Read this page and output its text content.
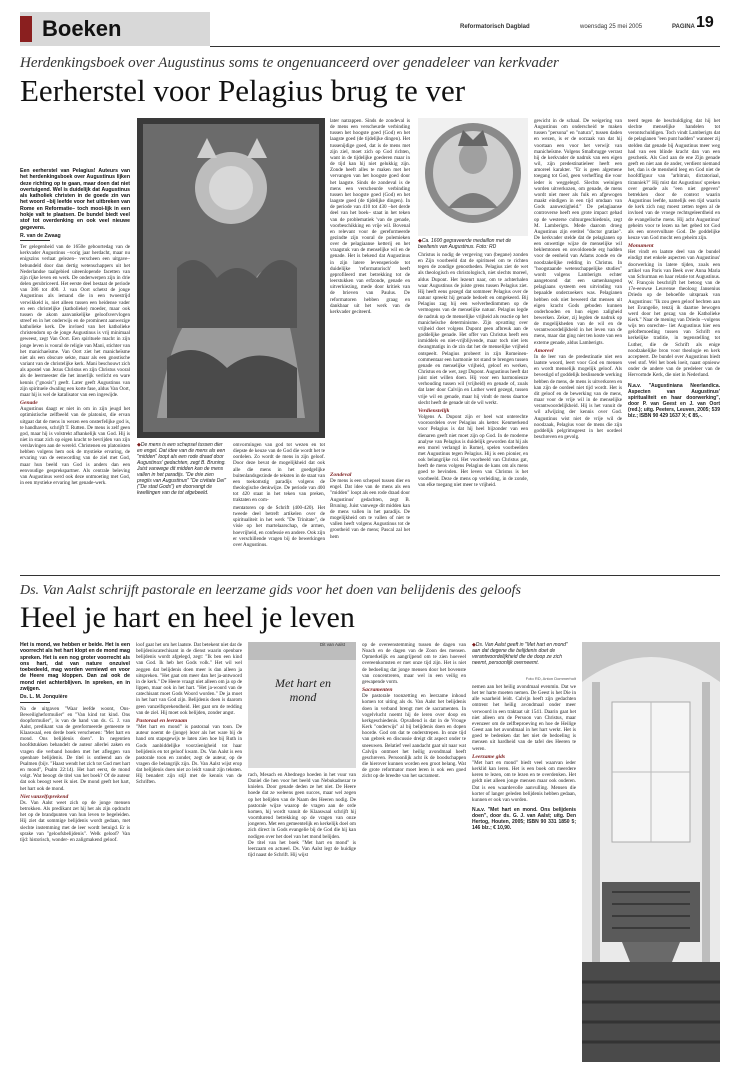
Boeken	Reformatorisch Dagblad	woensdag 25 mei 2005	PAGINA 19
Herdenkingsboek over Augustinus soms te ongenuanceerd over genadeleer van kerkvader
Eerherstel voor Pelagius brug te ver

Een eerherstel van Pelagius! Auteurs van het herdenkingsboek over Augustinus lijken deze richting op te gaan, maar doen dat niet overtuigend. Wel is duidelijk dat Augustinus als katholiek christen in de goede zin van het woord –bij leefde voor het uitbreken van Rome en Reformatie– toch mooi-lijk in een hokje valt te plaatsen. De bundel biedt veel stof tot overdenking en ook veel nieuwe gegevens.

R. van de Zwaag

Ter gelegenheid van de 1650e geboortedag van de kerkvader Augustinus –vorig jaar herdacht, maar nu enigszins verlaat gelezen– verscheen een uitgave–bebundeld door dan dertig wetenschappers uit het Nederlandse taalgebied uiteenlopende facetten van zijn rijke leven en werk. De onderwerpen zijn in drie delen gerubriceerd. Het eerste deel bestaat de periode van 386 tot 400. J. van Oort schetst de jonge Augustinus als iemand die in een twoestrijd verwikkeld is, niet alleen tussen een heidense vader en een christelijke (katholieke) moeder, maar ook tussen de akom aanvankelijke geloofsvervlogen streef en in het onderwijs en de prominent aanwezige katholieke kerk. De invloed van het katholieke christendom op de jonge Augustinus is vrij minimaal geweest, zegt Van Oort. Een spirituele macht in zijn jonge leven is vooral de religie van Mani, stichter van het manichaeïsme. Van Oort ziet het manicheïsme niet als een obscure sekte, maar als een gnostische variant van de christelijke kerk. Mani beschouwt zich als apostel van Jezus Christus en zijn Christus vooral als de leermeester die het innerlijk verlicht en ware kennis ("gnosis") geeft. Later geeft Augustinus van zijn spirituele dwaling een korte fase, aldus Van Oort, maar hij is wel de katalisator van een ingewijde.

Genade

Augustinus daagt er niet in om in zijn jeugd het optimistische zelfbeeld van de platonist, die ervan uitgaat dat de mens in wezen een onsterfelijke god is, te handhaven, schrijft T. Rutten. De mens is zelf geen god, maar hij is volstrekt afhankelijk van God. Hij is niet in staat zich op eigen kracht te bevrijden van zijn verslavingen aan de wereld. Christenen en platonisten hebben volgens hem ook de mystieke ervaring, de ervaring van de eenwording van de ziel met God, maar hun beeld van God is anders dan een eenvoudige gesprekspartner. Als centrale beleving van Augustinus werd ook deze ontmoeting met God, in een mystieke ervaring het genade-werk.

◆ De mens is een schepsel tussen dier en engel. Dat idee van de mens als een "midden" loopt als een rode draad door Augustinus' gedachten, zegt B. Bruning. Juist vanwege dit midden kan de mens vallen in het paradijs. "De drie zien pregiis van Augustinus" "De civitate Dei" ("De stad Gods") en doorvangt de kwellingen van de tot afgebeeld.

omvormingen van god tot wezen en tot diepste de keuze van de God die wordt het te oordelen. Zo wordt de mens in zijn geloof. Door deze bevat de mogelijkheid dat ook alle die mens in het goedgelijke buitenlandsgezinde de teksten in de staat van een toekomstig paradijs volgens de theologische denkwijze. De periode van 400 tot 420 staat in het teken van preken, traktaten en com-

later natrappen. Sinds de zondeval is de mens een verscheurde verbinding tussen het hoogste goed (God) en het laagste goed (de tijdelijke dingen). Het tussenijdige goed, dat is de mens met zijn ziel, moet zich op God richten, want in de tijdelijke goederen maar in de tijd kan hij niet gelukkig zijn. Zonde heeft alles te maken met het vervangen van het hoogste goed door het laagste. Sinds de zondeval is de mens een verscheurde verbinding tussen het hoogste goed (God) en het laagste goed (de tijdelijke dingen). In de periode van 410 tot 430 –het derde deel van het boek– staat in het teken van de problematiek 'van de genade, voorbeschikking en vrije wil. Bovenal en relevant voor de gereformeerde gezindte zijn vooral de polemieken over de pelagiaanse ketterij en het vraagstuk van de menselijke wil en de genade. Het is bekend dat Augustinus in zijn latere levensperiode tot duidelijke 'reformatorisch' heeft geprofileerd met betrekking tot de leerstukken van erfzonde, genade en uitverkiezing, mede door kritiek van de brieven van Paulus. De reformatoren hebben graag en dankbaar uit het werk van de kerkvader geciteerd.

mentatoren op de Schrift (400-420). Het tweede deel betreft artikelen over de spiritualiteit in het werk "De Trinitate", de visie op het martelaarschap, de armen, hoevrijheid, en confessie en andere. Ook zijn er verschillende vragen bij de bewerkingen over Augustinus.

Zondeval

De mens is een schepsel tussen dier en engel. Dat idee van de mens als een "midden" loopt als een rode draad door Augustinus' gedachten, zegt B. Bruning. Juist vanwege dit midden kan de mens vallen in het paradijs. De mogelijkheid om te vallen of niet te vallen heeft volgens Augustinus tot de grootheid van de mens; Pascal zal het hem

◆ Ca. 1600 gegraveerde medaillon met de beeltenis van Augustinus. Foto: RD

Christus is nodig de vergeving van (begane) zonden en Zijn voorbeeld dat de spiritueel om te richten tegen de zondige genootheden. Pelagius ziet de wet als theologisch en christologisch, niet slechts moreel, aldus Dupont. Het lezenrt naar, om te achterhalen waar Augustinus de juiste grens tussen Pelagius ziet. Hij heeft eens gezegd dat sommeer Pelagius over de natuur spreekt hij genade bedoelt en omgekeerd. Bij Pelagius zag hij een welverbedinmmen op de vermogens van de menselijke natuur. Pelagius legde de nadruk op de menselijke vrijheid als reactie op het manicheïsche determinisme. Zijn opvatting over vrijheid doet volgens Dupont geen afbreuk aan de goddelijke genade. Het offer van Christus heeft een inmiddels en niet-vrijblijvende, maar toch niet iets dwangmatigs in de zin dat het de menselijke vrijheid ontspeelt. Pelagius probeert in zijn Romeinen-commentaar een harmonie tot stand te brengen tussen genade en menselijke vrijheid, geloof en werken, Christus en de wet, zegt Dupont. Augustinus heeft dat juist niet willen doen. Hij voor een harmonieuze verhouding tussen wil (vrijheid) en genade of, zoals dat later door Calvijn en Luther werd gezegd, tussen vrije wil en genade, maar hij vindt de mens daartoe slecht heeft de genade uit de wil werkt.

Verdienstelijk

Volgens A. Dupont zijn er heel wat onterechte vooroordelen over Pelagius als ketter. Kenmerkend voor Pelagius is dat hij heel bijzonder van een dienaren geeft niet moet zijn op God. In de moderne analyse van Pelagius is duidelijk geworden dat hij als een morel verlangd in Rome), spelen voorbeelden met Augustinus tegen Pelagius. Hij is een pionier, en ook belangrijke rol. Het voorbeeld van Christus gat, heeft de mens volgens Pelagius de kans om als mens goed te bevinden. Het leven van Christus is het voorbeeld. Deze de mens op verleiding, in de zonde, van elke toegang niet meer te vrijheid.

gewicht in de schaal. De weigering van Augustinus om onderscheid te maken tussen "persona" en "natura", tussen daden en wezen, is er de oorzaak van dat hij voortaan een voor het verwijt van manicheïsme. Volgens Smalbrugge verrast hij de kerkvader de nadruk van een eigen wil, zijn predestinatieleer heeft een amoreel karakter. "Er is geen algemene toegang tot God, geen verheffing die voor ieder is weggelegd. Slechts weinigen worden uitverkozen, om genade, de mens wordt niet meer als fuik en afgewogen maakt eindigen in een tijd omdaan van Gods aanwezigheid." De pelagiaanse controverse heeft een grote impact gehad op de westerse cultuurgeschiedenis, zegt M. Lamberigts. Mede daarom droeg Augustinus zijn eretitel "doctor gratiae". De kerkvader stelde dat de pelagianen op een onwettige wijze de menselijke wil beklemtonen en onvoldoende erg hadden voor de eenheid van Adams zonde en de noodzakelijke redding in Christus. In "hoogstaande wetenschappelijke studies" wordt volgens Lamberigts echter aangetoond dat een samenhangend pelagiaans systeem een uitvinding van bepaalde onderzoekers was. Pelagianen hebben ook niet beweerd dat mensen uit eigen kracht Gods geboden kunnen onderhouden en hun eigen zaligheid bewerken. Zeker, zij legden de nadruk op de mogelijkheden van de wil en de verantwoordelijkheid in het leven van de mens, maar dat ging niet ten koste van een externe genade, aldus Lamberigts.

Amoreel

In de leer van de predestinatie niet een laatste woord, leert voor God en mensen en wordt menselijk mogelijk geloof. Als bevestigd of goddelijk beslissende werking hebben de mens, de mens is uitverkoren en kan zijn de oordeel niet tijd wordt. Het is dit geloof en de bewerking van de mens, maar voor de vrije wil in de menselijke verantwoordelijkheid. Hij is het vanuit de wil afwijzing der kennis over God. Augustinus wist niet de vrije wil de noodzaak, Pelagius voor de mens die zijn goddelijk pelgrimsgeest in het oordeel beschreven en gevolg.

teerd tegen de beschuldiging dat hij het slechte menselijke handelen tot verontschuldigen. Toch vindt Lamberigts dat de pelagianen "een punt hadden" wanneer zij stelden dat genade bij Augustinus meer weg had van een blinde kracht dan van een geschenk. Als God aan de ene Zijn genade geeft en niet aan de ander, verdient niemand het, dan is de mensheid leeg en God niet de hoofdfiguur van "arbitrair, dictatoriaal, tiranniek?" Hij mist dat Augustinus' spreken over genade als "een niet gegeven" betrekken door de context waarin Augustinus leefde, namelijk een tijd waarin de kerk zich nog moest zetten tegen al de invloed van de vroege rechtsgeleerdheid en de evangelische mens. Hij acht Augustinus' geheim voor te lezen na het gebed tot God als een onvervulbare God. De goddelijke keuze van God mocht een geheim zijn.

Monument

Het vindt en laatste deel van de bundel eindigt met enkele aspecten van Augustinus' doorwerking in latere tijden, zoals een artikel van Paris van Beek over Anna Maria van Schurman en haar relatie tot Augustinus. W. François beschrijft het betoog van de 17e-eeuwse Leuvense theoloog Jansenius Driedo op de behoefde uitspraak van Augustinus: "Ik zou geen geloof hechten aan het Evangelie, tenzij ik daartoe bewogen werd door het gezag van de Katholieke Kerk." Naar de mening van Driedo –volgens wijs ten onrechte– liet Augustinus hier een geloftemoeding tussen van Schrift en kerkelijke traditie, in tegenstelling tot Luther, die de Schrift als enige noodzakelijke bron voor theologie en kerk accepteert. De bundel over Augustinus biedt veel stof. Wel het boek loeit, naast opnieuw onder de andere van de predeleer van de Hervormde Kerk, die niet in Nederland.

N.a.v. "Augustiniana Neerlandica. Aspecten van Augustinus' spiritualiteit en haar doorwerking", door P. van Geest en J. van Oort (red.); uitg. Peeters, Leuven, 2005; 539 blz.; ISBN 90 429 1637 X; € 85,-.

Ds. Van Aalst schrijft pastorale en leerzame gids voor het doen van belijdenis des geloofs
Heel je hart en heel je leven

Het is mond, we hebben er beide. Het is een voorrecht als het hart klopt en de mond mag spreken. Het is een nog groter voorrecht als ons hart, dat van nature onzuivel toebedeeld, mag worden verniewd en voor de Heere mag kloppen. Dan zal ook de mond niet achterblijven. In spreken, en in zwijgen.

Ds. L. M. Jonquière

Na de uitgaven "Waar leefde woont, Ons-Beweiligheformulier" en "Van kind tot kind. Ons doopformulier", is van de hand van ds. G. J. van Aalst, predikant van de gereformeerde gemeente te Klaaswaal, een derde boek verschenen: "Met hart en mond. Ons belijdenis doen". In negentien hoofdstukken behandelt de auteur allerlei zaken en vragen die verband houden met het afleggen van openbare belijdenis. De titel is ontleend aan de Psalmen (bijv. "Haast wendt het zich tot God met hart en mond", Psalm 22:14). Het hart eerst, de mond volgt. Wat beoogt de titel van het boek? Of de auteur dat ook beoogt weet ik niet. De mond geeft het hart, het hart ook de mond.

Niet vanzelfsprekend

Ds. Van Aalst weet zich op de jonge mensen betrokken. Als predikant zet hij het als zijn opdracht het op de brandpunten van hun leven te begeleiden. Hij ziet dat sommige belijdenis wordt gedaan, met slechte instemming met de leer wordt betuigd. Er is sprake van "geloofsbelijdenis". Welk geloof? Van tijd: historisch, wonder- en zaligmakend geloof.

loof gaat het om het laatste. Dat betekent niet dat de belijdeniscatechisant in de dienst waarin openbare belijdenis wordt afgelegd, zegt: "Ik ben een kind van God. Ik heb het Gods volk." Het wil wel zeggen dat belijdenis doen meer is dan alleen ja uitspreken. "Het gaat om meer dan het ja-antwoord in de kerk." De Heere vraagt niet alleen om ja op de lippen, maar ook in het hart. "Het ja-woord van de catechisant moet Gods Woord worden." De ja moet in het hart van God zijn. Belijdenis doen is daarom geen vanzelfsprekendheid. Het gaat om de redding van de ziel. Hij moet ook belijden, zonder angst.

Pastoraal en leerzaam

"Met hart en mond" is pastoraal van toon. De auteur noemt de (jonge) lezer als het ware bij de hand om stapsgewijs te laten zien hoe bij Ruth in Gods aanbiddelijke voorzienigheid tot haar belijdenis en tot geloof kwam. Ds. Van Aalst is een pastorale toon en zonder, zegt de auteur, op de vragen die belangrijk zijn. Ds. Van Aalst wijst erop dat belijdenis doen niet zo leidt vanuit zijn teksten. Hij benadert zijn stijl met de kennis van de Schriften.

Met hart en mond
Dit van Aalst

rach, Mesach en Abednego hoeden in het vuur van Daniel die hen voor het beeld van Nebukadnezar te knielen. Door genade deden ze het niet. De Heere hoede dat ze weleens geen succes, maar wel zegen op het belijden van de Naam des Heeren nodig. De pastorale wijze waarop de vragen aan de orde komen, hij wordt vanuit de Klaaswaal schrijft hij voortdurend betrekking op de vragen van onze jongeren. Met een gemeentelijk en kerkelijk doel om zich direct in Gods evangelie bij de God die hij kan nodigen over het doel van het mond belijden.

De titel van het boek "Met hart en mond" is leerzaam en actueel. Ds. Van Aalst legt de huidige tijd naast de Schrift. Hij wijst

op de overeenstemming tussen de dagen van Noach en de dagen van de Zoon des mensen. Opmerkelijk en aangrijpend om te zien hoeveel overeenkomsten er met onze tijd zijn. Het is niet de bedoeling dat jonge mensen door het bovenste van concentreren, maar wel in een veilig en gewapende vorm.

Sacramenten

De pastorale toonzetting en leerzame inhoud komen tot uiting als ds. Van Aalst het belijdenis doen in verband brengt met de sacramenten. In vogelvlucht noemt hij de leren over doop en kerkgeschiedenis. Opvallend is dat in de Vrouge Kerk "onderwijs" al bij belijdenis doen en dopen hoorde. God om dat te onderstrepen. In onze tijd van gebrek en discussie dreigt dit aspect onder te sneeuwen. Belatief veel aandacht gaat uit naar wat Calvijn ontmoet het heilig avondmaal heeft geschreven. Persoonlijk acht ik de boodschappen die hierover kunnen worden een groot belang. Wat de grote reformator moet leren is ook een goed zicht op de breedte van het sacrament.

◆ Ds. Van Aalst geeft in "Met hart en mond" aan dat degene die belijdenis doet de verantwoordelijkheid die de doop ze zich neemt, persoonlijk overneemt.
Foto RD, Anton Dommerholt

nemen aan het heilig avondmaal evenmin. Dat we het ter harte moeten nemen. De Geest is het Die in alle waarheid leidt. Calvijn heeft zijn gedachten omtrent het heilig avondmaal onder meer verwoord in een traktaat uit 1541. Daarin gaat het niet alleen om de Persoon van Christus, maar evenzeer om de zelfbeproeving en hoe de Heilige Geest aan het avondmaal in het hart werkt. Het is goed te bedenken dat het niet de bedoeling is mensen uit hardheid van de tafel des Heeren te weren.

Leerzame gids

"Met hart en mond" biedt veel waarvan ieder kerklid kan leren. Het is een boek om meerdere keren te lezen, om te lezen en te overdenken. Het geldt niet alleen jonge mensen maar ook ouderen. Dat is een waardevolle aanvulling. Mensen die korter of langer geleden belijdenis hebben gedaan, kunnen er ook van worden.

N.a.v. "Met hart en mond. Ons belijdenis doen", door ds. G. J. van Aalst; uitg. Den Hertog, Houten, 2005; ISBN 90 331 1850 5; 146 blz.; € 10,90.
